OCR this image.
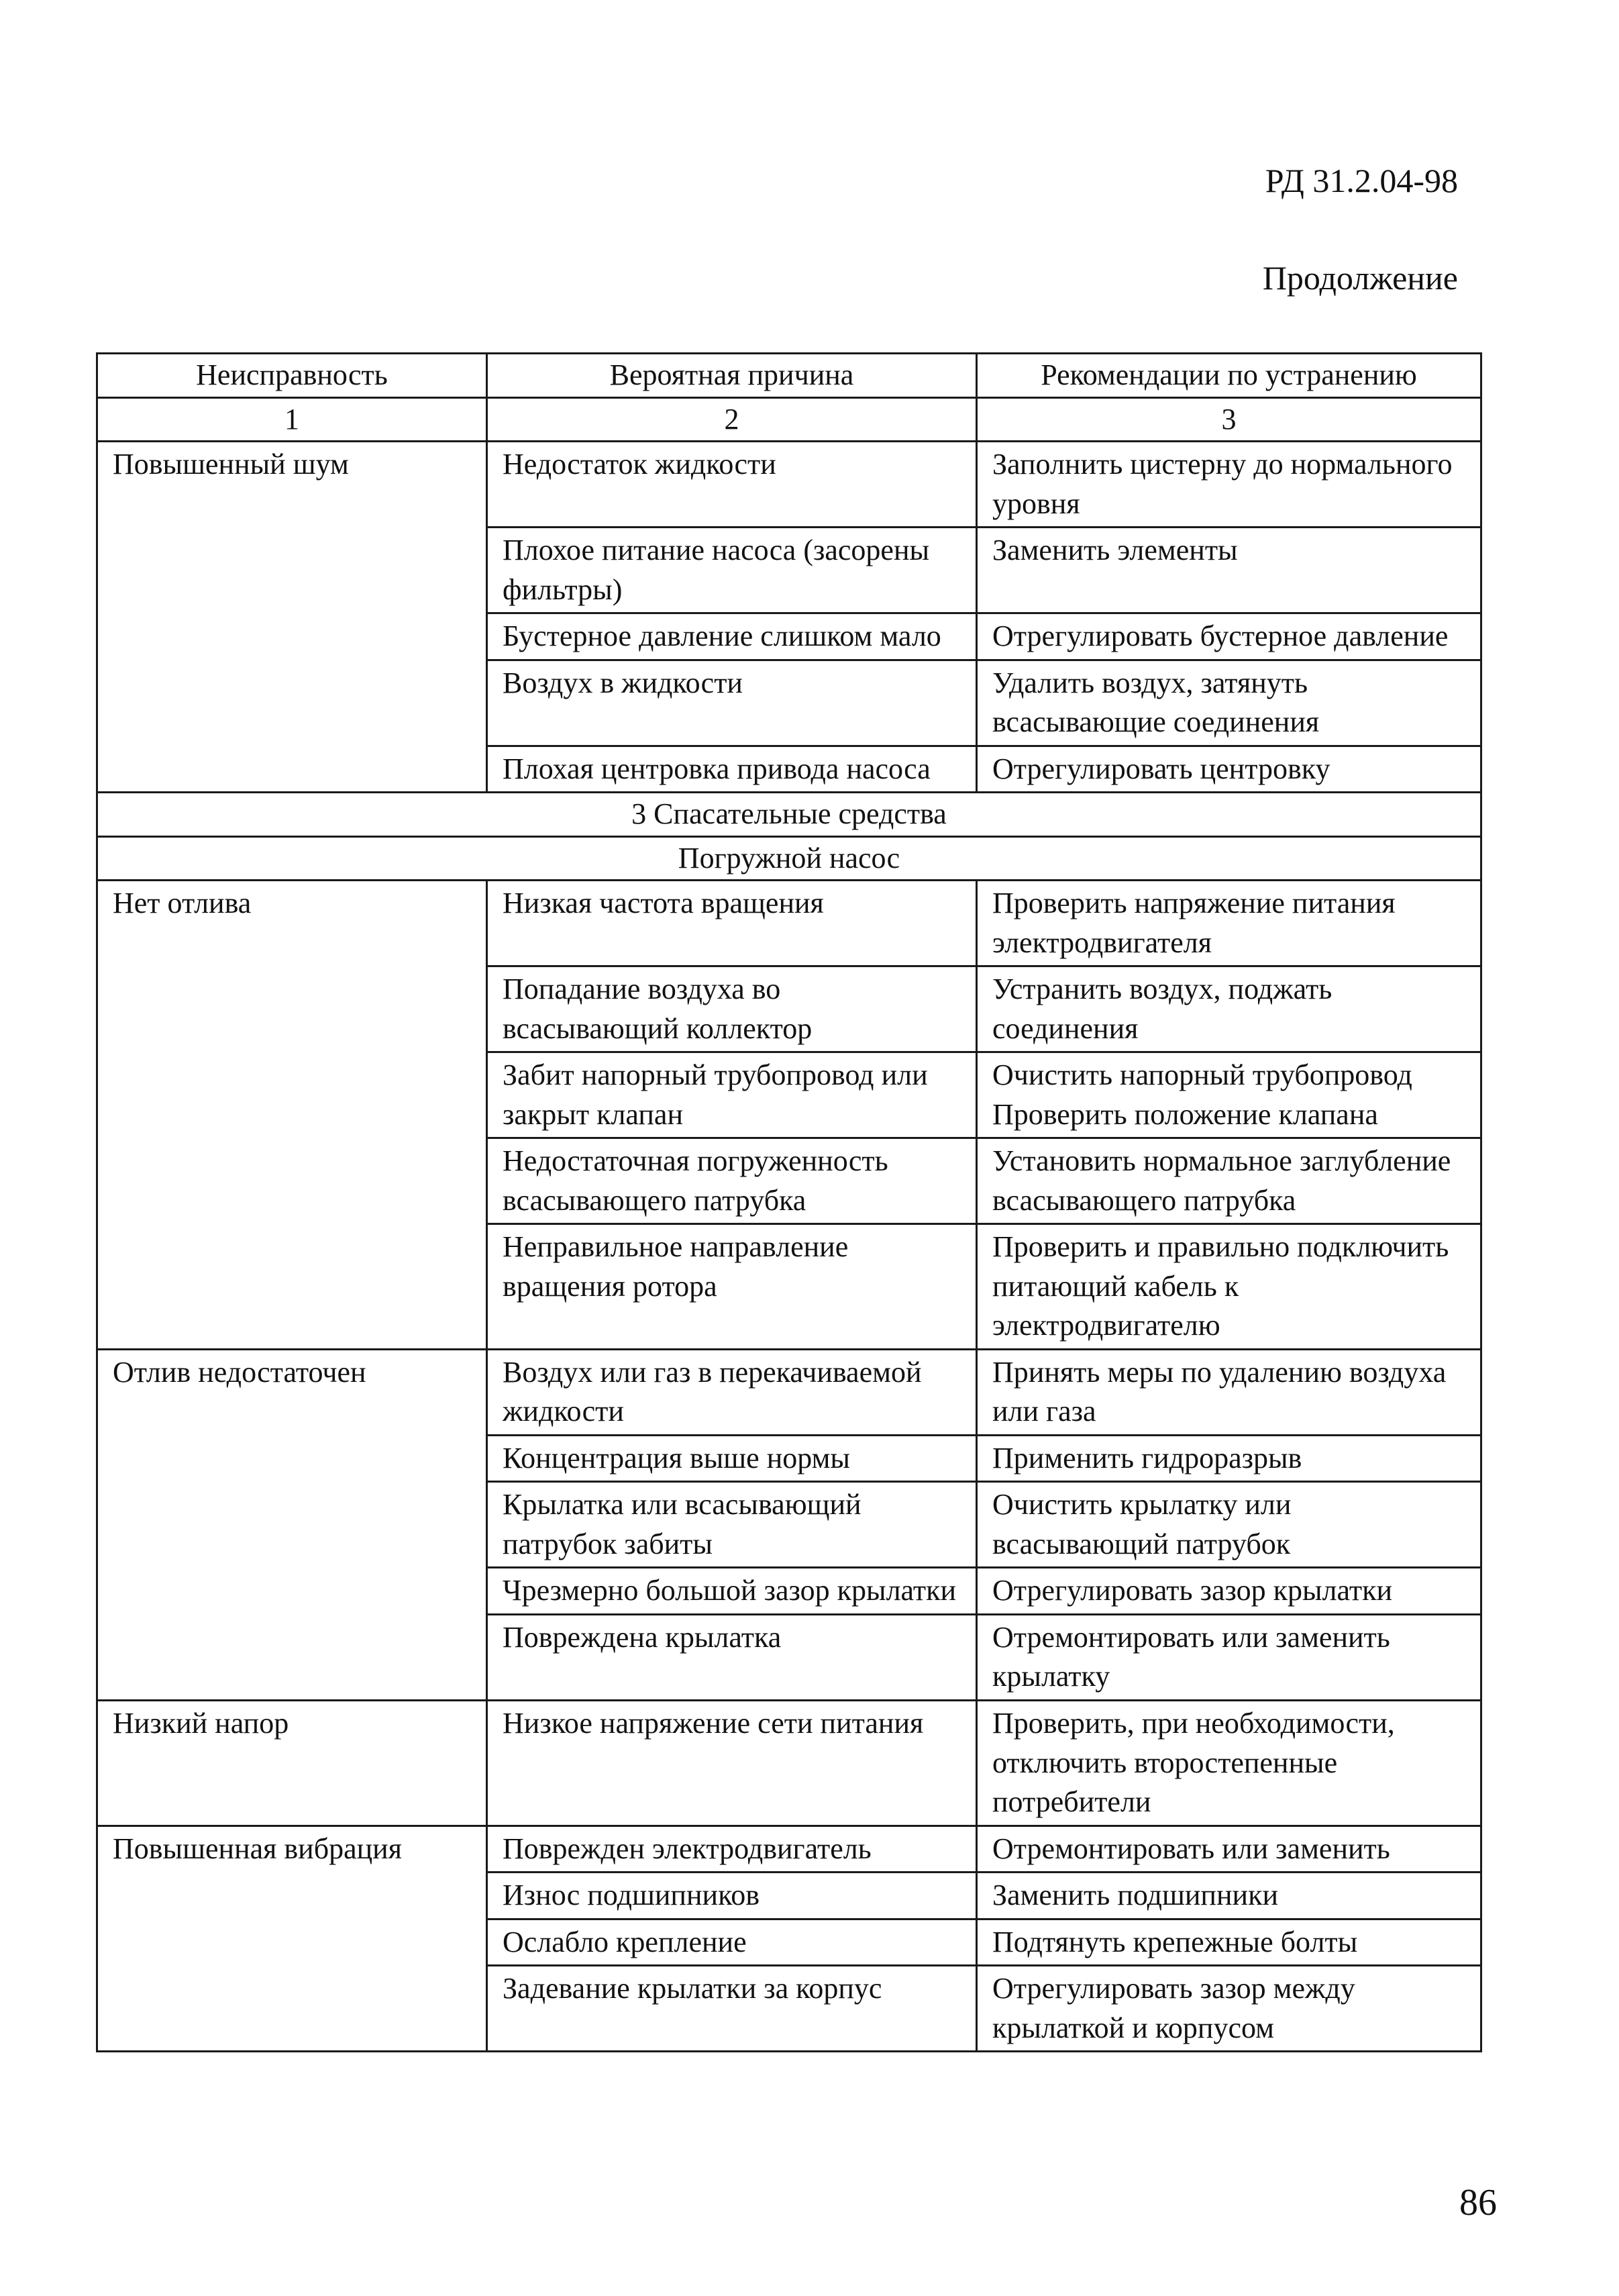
РД 31.2.04-98
Продолжение
Неисправность	Вероятная причина	Рекомендации по устранению
1	2	3
Повышенный шум	Недостаток жидкости	Заполнить цистерну до нормального уровня
	Плохое питание насоса (засорены фильтры)	Заменить элементы
	Бустерное давление слишком мало	Отрегулировать бустерное давление
	Воздух в жидкости	Удалить воздух, затянуть всасывающие соединения
	Плохая центровка привода насоса	Отрегулировать центровку
3 Спасательные средства		
Погружной насос		
Нет отлива	Низкая частота вращения	Проверить напряжение питания электродвигателя
	Попадание воздуха во всасывающий коллектор	Устранить воздух, поджать соединения
	Забит напорный трубопровод или закрыт клапан	Очистить напорный трубопровод Проверить положение клапана
	Недостаточная погруженность всасывающего патрубка	Установить нормальное заглубление всасывающего патрубка
	Неправильное направление вращения ротора	Проверить и правильно подключить питающий кабель к электродвигателю
Отлив недостаточен	Воздух или газ в перекачиваемой жидкости	Принять меры по удалению воздуха или газа
	Концентрация выше нормы	Применить гидроразрыв
	Крылатка или всасывающий патрубок забиты	Очистить крылатку или всасывающий патрубок
	Чрезмерно большой зазор крылатки	Отрегулировать зазор крылатки
	Повреждена крылатка	Отремонтировать или заменить крылатку
Низкий напор	Низкое напряжение сети питания	Проверить, при необходимости, отключить второстепенные потребители
Повышенная вибрация	Поврежден электродвигатель	Отремонтировать или заменить
	Износ подшипников	Заменить подшипники
	Ослабло крепление	Подтянуть крепежные болты
	Задевание крылатки за корпус	Отрегулировать зазор между крылаткой и корпусом
86
